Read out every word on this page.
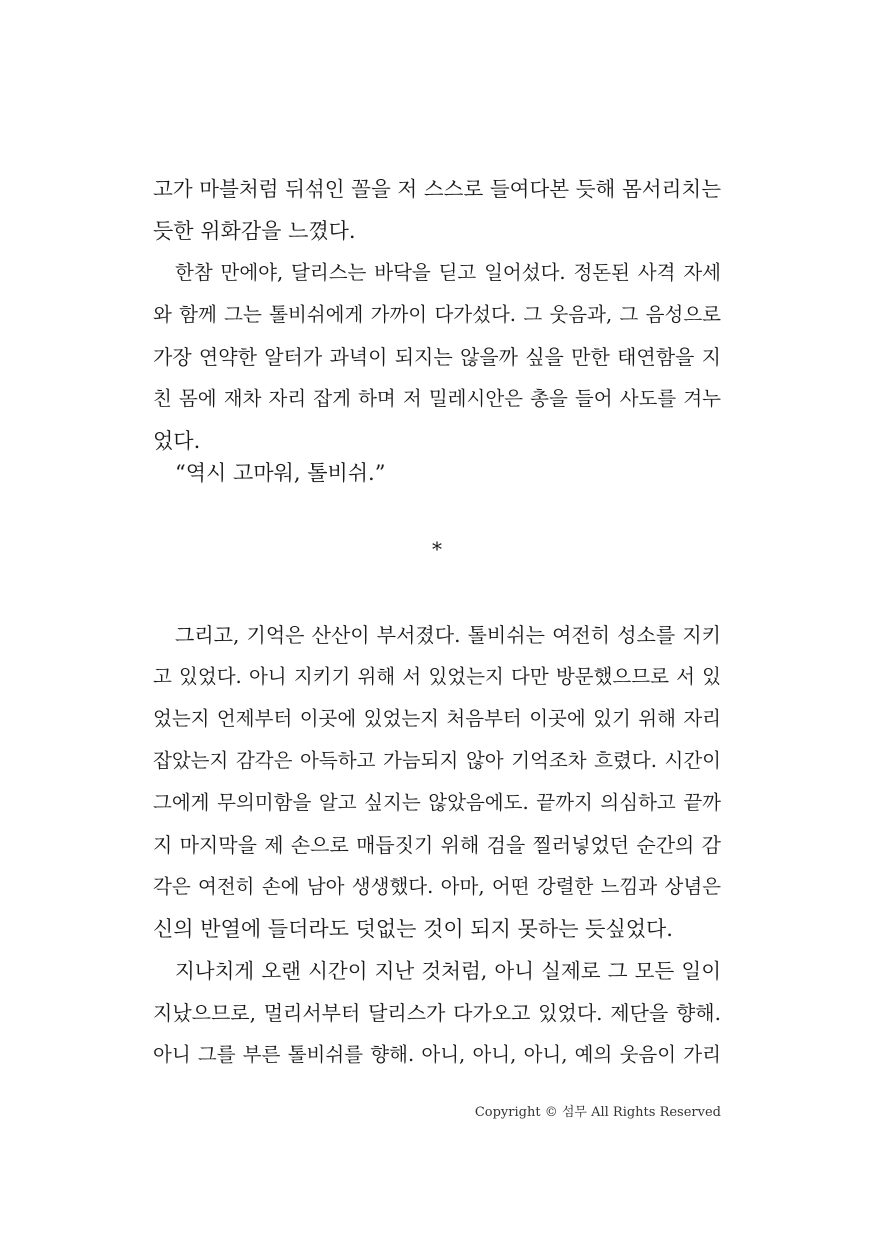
고가 마블처럼 뒤섞인 꼴을 저 스스로 들여다본 듯해 몸서리치는
듯한 위화감을 느꼈다.
한참 만에야, 달리스는 바닥을 딛고 일어섰다. 정돈된 사격 자세
와 함께 그는 톨비쉬에게 가까이 다가섰다. 그 웃음과, 그 음성으로
가장 연약한 알터가 과녁이 되지는 않을까 싶을 만한 태연함을 지
친 몸에 재차 자리 잡게 하며 저 밀레시안은 총을 들어 사도를 겨누
었다.
“역시 고마워, 톨비쉬.”
*
그리고, 기억은 산산이 부서졌다. 톨비쉬는 여전히 성소를 지키
고 있었다. 아니 지키기 위해 서 있었는지 다만 방문했으므로 서 있
었는지 언제부터 이곳에 있었는지 처음부터 이곳에 있기 위해 자리
잡았는지 감각은 아득하고 가늠되지 않아 기억조차 흐렸다. 시간이
그에게 무의미함을 알고 싶지는 않았음에도. 끝까지 의심하고 끝까
지 마지막을 제 손으로 매듭짓기 위해 검을 찔러넣었던 순간의 감
각은 여전히 손에 남아 생생했다. 아마, 어떤 강렬한 느낌과 상념은
신의 반열에 들더라도 덧없는 것이 되지 못하는 듯싶었다.
지나치게 오랜 시간이 지난 것처럼, 아니 실제로 그 모든 일이
지났으므로, 멀리서부터 달리스가 다가오고 있었다. 제단을 향해.
아니 그를 부른 톨비쉬를 향해. 아니, 아니, 아니, 예의 웃음이 가리
Copyright © 섬무 All Rights Reserved
